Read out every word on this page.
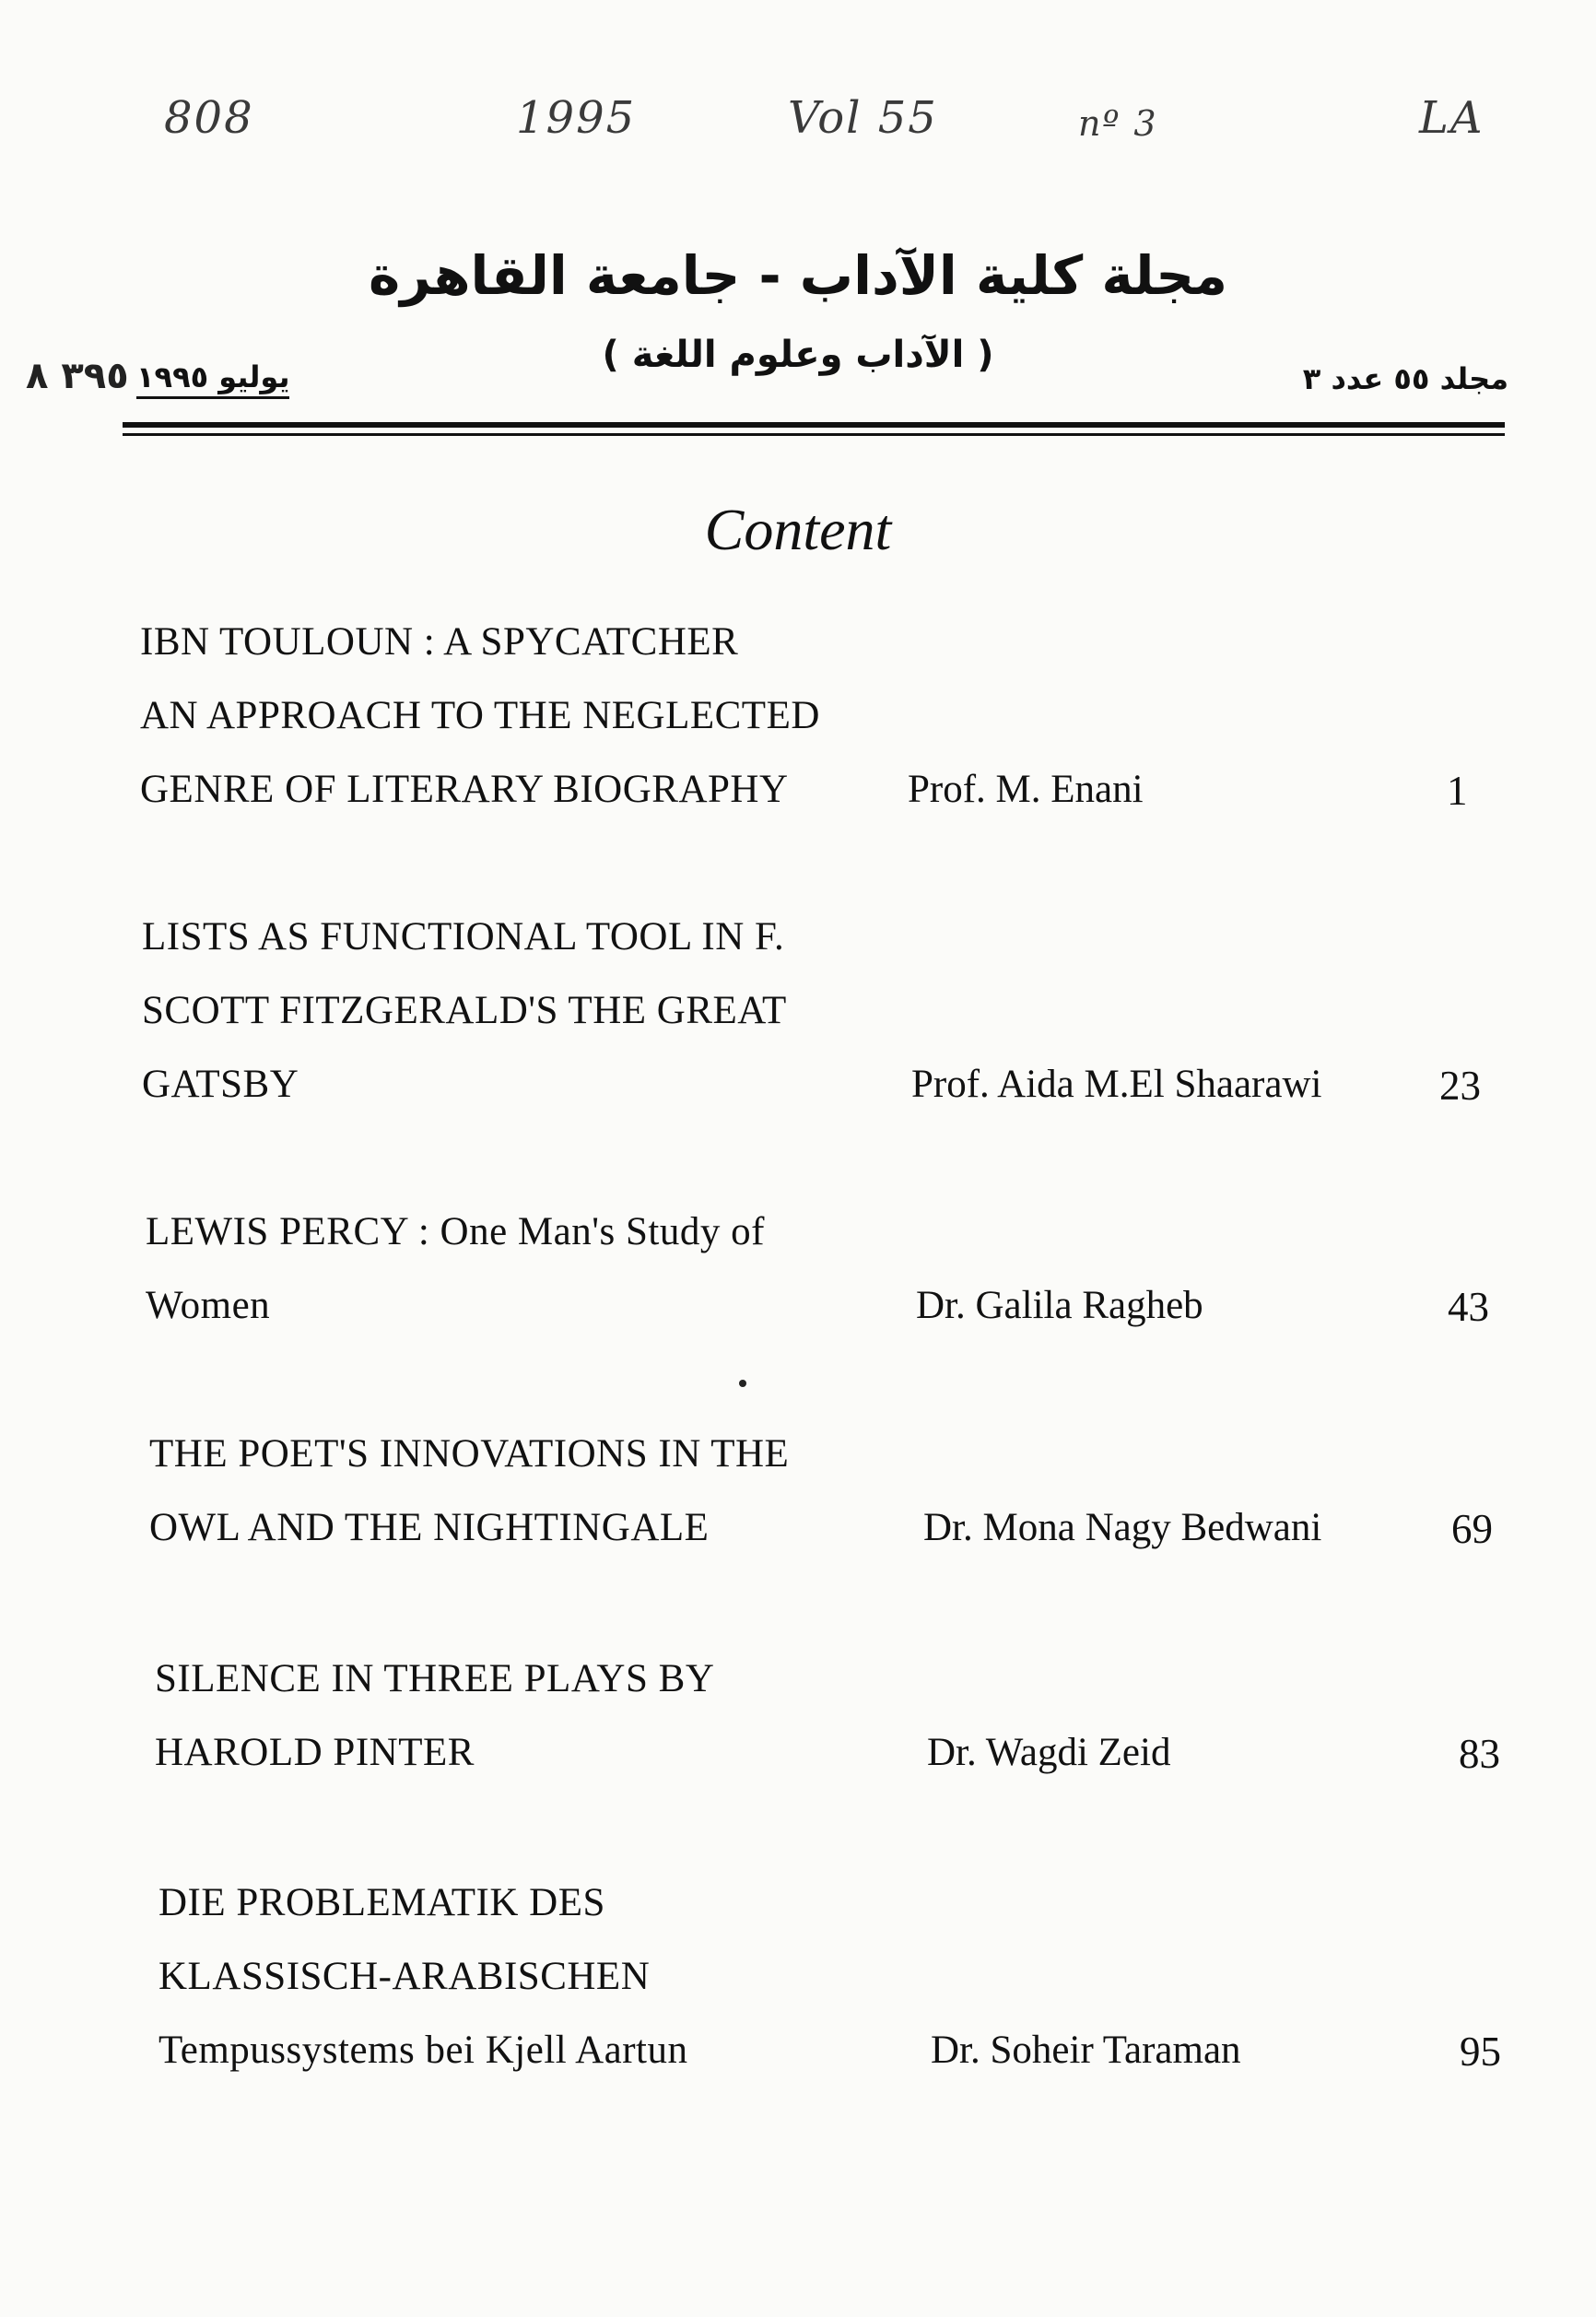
808	1995	Vol 55	nº 3	LA
مجلة كلية الآداب - جامعة القاهرة
( الآداب وعلوم اللغة )
مجلد ٥٥ عدد ٣
يوليو ١٩٩٥
٣٩٥ ٨
Content
IBN TOULOUN : A SPYCATCHER
AN APPROACH TO THE NEGLECTED
GENRE OF LITERARY BIOGRAPHY	Prof. M. Enani	1
LISTS AS FUNCTIONAL TOOL IN F.
SCOTT FITZGERALD'S THE GREAT
GATSBY	Prof. Aida M.El Shaarawi	23
LEWIS PERCY : One Man's Study of
Women	Dr. Galila Ragheb	43
THE POET'S INNOVATIONS IN THE
OWL AND THE NIGHTINGALE	Dr. Mona Nagy Bedwani	69
SILENCE IN THREE PLAYS BY
HAROLD PINTER	Dr. Wagdi Zeid	83
DIE PROBLEMATIK DES
KLASSISCH-ARABISCHEN
Tempussystems bei Kjell Aartun	Dr. Soheir Taraman	95
